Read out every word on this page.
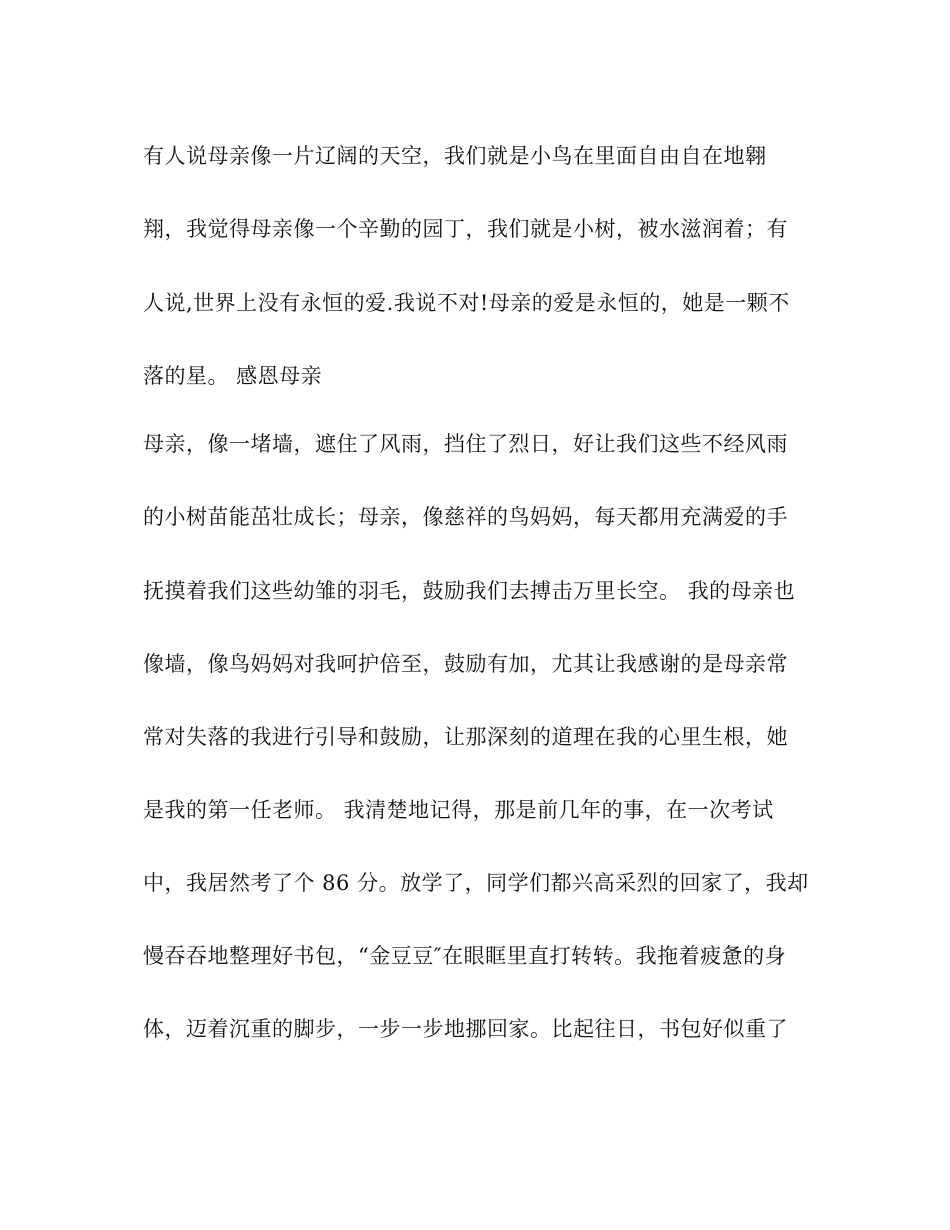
有人说母亲像一片辽阔的天空，我们就是小鸟在里面自由自在地翱
翔，我觉得母亲像一个辛勤的园丁，我们就是小树，被水滋润着；有
人说,世界上没有永恒的爱.我说不对!母亲的爱是永恒的，她是一颗不
落的星。 感恩母亲
母亲，像一堵墙，遮住了风雨，挡住了烈日，好让我们这些不经风雨
的小树苗能茁壮成长；母亲，像慈祥的鸟妈妈，每天都用充满爱的手
抚摸着我们这些幼雏的羽毛，鼓励我们去搏击万里长空。 我的母亲也
像墙，像鸟妈妈对我呵护倍至，鼓励有加，尤其让我感谢的是母亲常
常对失落的我进行引导和鼓励，让那深刻的道理在我的心里生根，她
是我的第一任老师。 我清楚地记得，那是前几年的事，在一次考试
中，我居然考了个 86 分。放学了，同学们都兴高采烈的回家了，我却
慢吞吞地整理好书包，“金豆豆″在眼眶里直打转转。我拖着疲惫的身
体，迈着沉重的脚步，一步一步地挪回家。比起往日，书包好似重了
